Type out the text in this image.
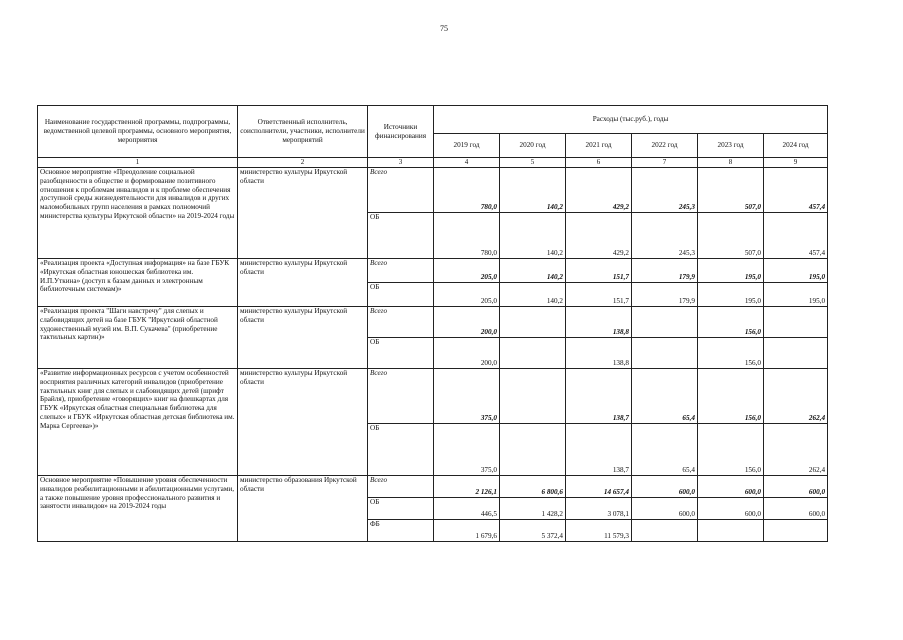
75
Наименование государственной программы, подпрограммы, ведомственной целевой программы, основного мероприятия, мероприятия	Ответственный исполнитель, соисполнители, участники, исполнители мероприятий	Источники финансирования	Расходы (тыс.руб.), годы					
			2019 год	2020 год	2021 год	2022 год	2023 год	2024 год
1	2	3	4	5	6	7	8	9
Основное мероприятие «Преодоление социальной разобщенности в обществе и формирование позитивного отношения к проблемам инвалидов и к проблеме обеспечения доступной среды жизнедеятельности для инвалидов и других маломобильных групп населения в рамках полномочий министерства культуры Иркутской области» на 2019-2024 годы	министерство культуры Иркутской области	Всего	780,0	140,2	429,2	245,3	507,0	457,4
		ОБ	780,0	140,2	429,2	245,3	507,0	457,4
«Реализация проекта «Доступная информация» на базе ГБУК «Иркутская областная юношеская библиотека им. И.П.Уткина» (доступ к базам данных и электронным библиотечным системам)»	министерство культуры Иркутской области	Всего	205,0	140,2	151,7	179,9	195,0	195,0
		ОБ	205,0	140,2	151,7	179,9	195,0	195,0
«Реализация проекта "Шаги навстречу" для слепых и слабовидящих детей на базе ГБУК "Иркутский областной художественный музей им. В.П. Сукачева" (приобретение тактильных картин)»	министерство культуры Иркутской области	Всего	200,0		138,8		156,0	
		ОБ	200,0		138,8		156,0	
«Развитие информационных ресурсов с учетом особенностей восприятия различных категорий инвалидов (приобретение тактильных книг для слепых и слабовидящих детей (шрифт Брайля), приобретение «говорящих» книг на флешкартах для ГБУК «Иркутская областная специальная библиотека для слепых» и ГБУК «Иркутская областная детская библиотека им. Марка Сергеева»)»	министерство культуры Иркутской области	Всего	375,0		138,7	65,4	156,0	262,4
		ОБ	375,0		138,7	65,4	156,0	262,4
Основное мероприятие «Повышение уровня обеспеченности инвалидов реабилитационными и абилитационными услугами, а также повышение уровня профессионального развития и занятости инвалидов» на 2019-2024 годы	министерство образования Иркутской области	Всего	2 126,1	6 800,6	14 657,4	600,0	600,0	600,0
		ОБ	446,5	1 428,2	3 078,1	600,0	600,0	600,0
		ФБ	1 679,6	5 372,4	11 579,3			
